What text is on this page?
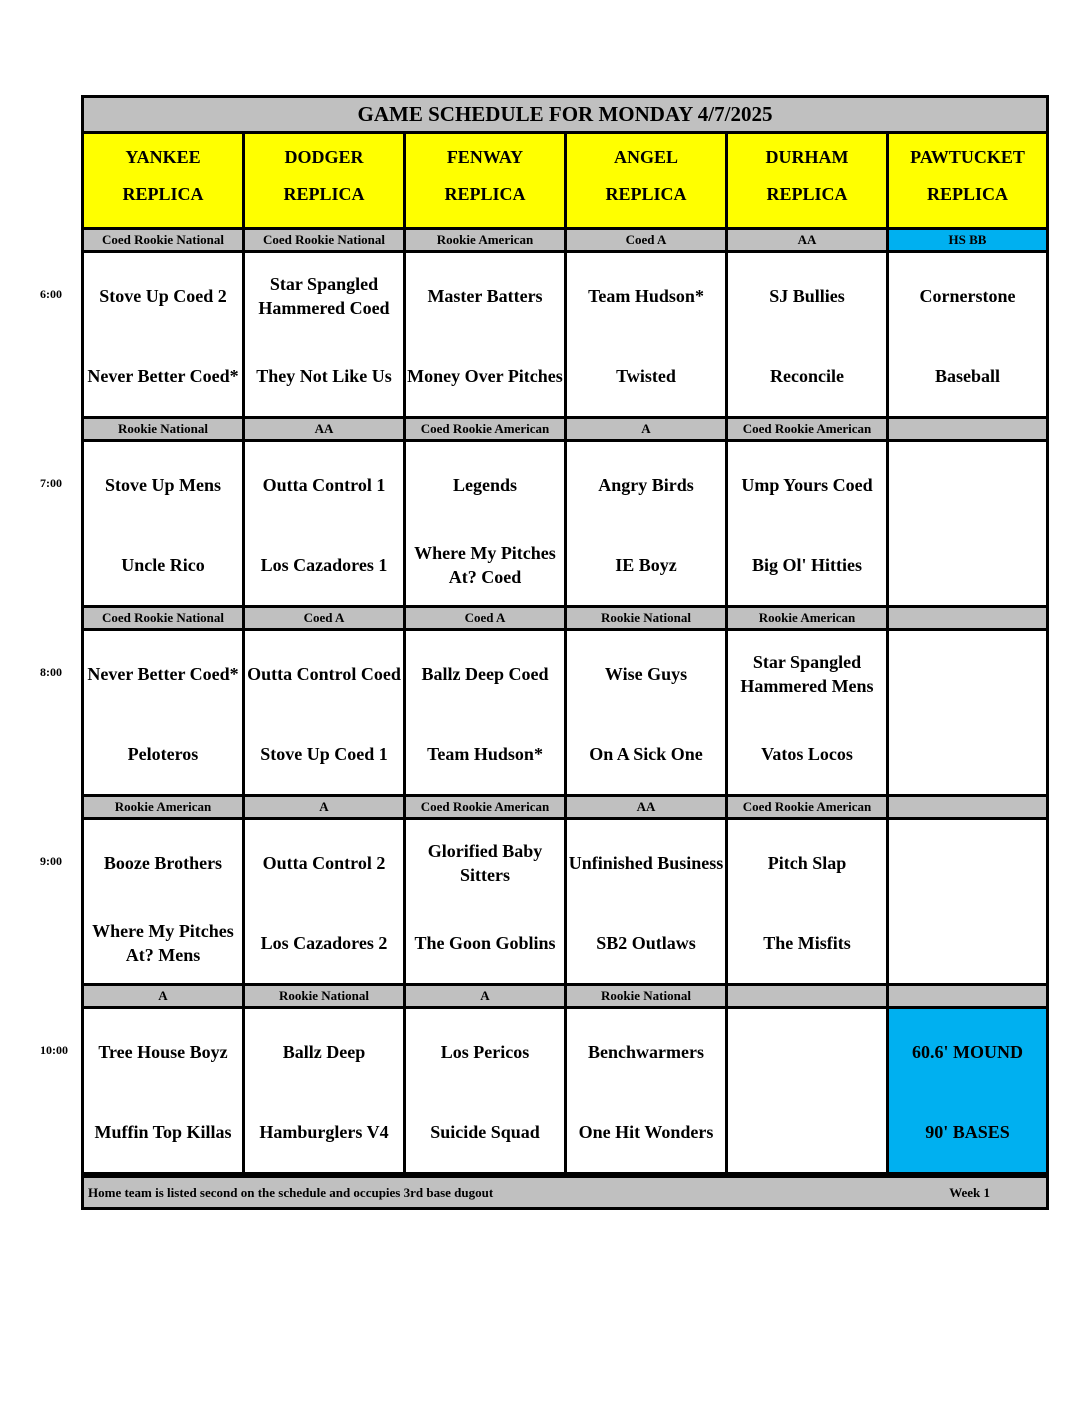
GAME SCHEDULE FOR MONDAY 4/7/2025
YANKEE
REPLICA
DODGER
REPLICA
FENWAY
REPLICA
ANGEL
REPLICA
DURHAM
REPLICA
PAWTUCKET
REPLICA
Coed Rookie National
Stove Up Coed 2
Never Better Coed*
Coed Rookie National
Star Spangled Hammered Coed
They Not Like Us
Rookie American
Master Batters
Money Over Pitches
Coed A
Team Hudson*
Twisted
AA
SJ Bullies
Reconcile
HS BB
Cornerstone
Baseball
Rookie National
Stove Up Mens
Uncle Rico
AA
Outta Control 1
Los Cazadores 1
Coed Rookie American
Legends
Where My Pitches At? Coed
A
Angry Birds
IE Boyz
Coed Rookie American
Ump Yours Coed
Big Ol' Hitties
Coed Rookie National
Never Better Coed*
Peloteros
Coed A
Outta Control Coed
Stove Up Coed 1
Coed A
Ballz Deep Coed
Team Hudson*
Rookie National
Wise Guys
On A Sick One
Rookie American
Star Spangled Hammered Mens
Vatos Locos
Rookie American
Booze Brothers
Where My Pitches At? Mens
A
Outta Control 2
Los Cazadores 2
Coed Rookie American
Glorified Baby Sitters
The Goon Goblins
AA
Unfinished Business
SB2 Outlaws
Coed Rookie American
Pitch Slap
The Misfits
A
Tree House Boyz
Muffin Top Killas
Rookie National
Ballz Deep
Hamburglers V4
A
Los Pericos
Suicide Squad
Rookie National
Benchwarmers
One Hit Wonders
60.6' MOUND
90' BASES
Home team is listed second on the schedule and occupies 3rd base dugout	Week 1
6:00
7:00
8:00
9:00
10:00
